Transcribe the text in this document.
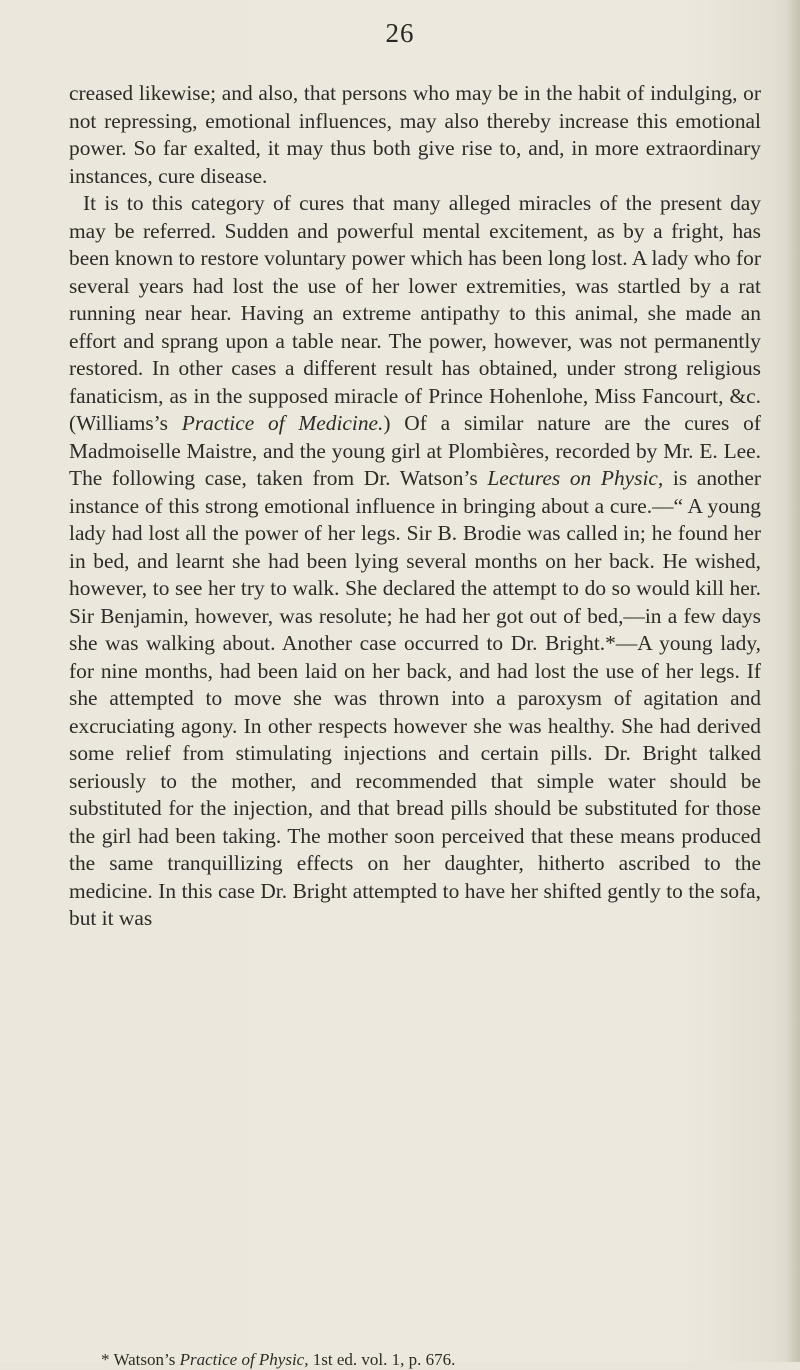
26

creased likewise; and also, that persons who may be in the habit of indulging, or not repressing, emotional influences, may also thereby increase this emotional power. So far exalted, it may thus both give rise to, and, in more extraordinary instances, cure disease.

It is to this category of cures that many alleged miracles of the present day may be referred. Sudden and powerful mental excitement, as by a fright, has been known to restore voluntary power which has been long lost. A lady who for several years had lost the use of her lower extremities, was startled by a rat running near hear. Having an extreme antipathy to this animal, she made an effort and sprang upon a table near. The power, however, was not permanently restored. In other cases a different result has obtained, under strong religious fanaticism, as in the supposed miracle of Prince Hohenlohe, Miss Fancourt, &c. (Williams’s Practice of Medicine.) Of a similar nature are the cures of Madmoiselle Maistre, and the young girl at Plombières, recorded by Mr. E. Lee. The following case, taken from Dr. Watson’s Lectures on Physic, is another instance of this strong emotional influence in bringing about a cure.—“ A young lady had lost all the power of her legs. Sir B. Brodie was called in; he found her in bed, and learnt she had been lying several months on her back. He wished, however, to see her try to walk. She declared the attempt to do so would kill her. Sir Benjamin, however, was resolute; he had her got out of bed,—in a few days she was walking about. Another case occurred to Dr. Bright.*—A young lady, for nine months, had been laid on her back, and had lost the use of her legs. If she attempted to move she was thrown into a paroxysm of agitation and excruciating agony. In other respects however she was healthy. She had derived some relief from stimulating injections and certain pills. Dr. Bright talked seriously to the mother, and recommended that simple water should be substituted for the injection, and that bread pills should be substituted for those the girl had been taking. The mother soon perceived that these means produced the same tranquillizing effects on her daughter, hitherto ascribed to the medicine. In this case Dr. Bright attempted to have her shifted gently to the sofa, but it was

* Watson’s Practice of Physic, 1st ed. vol. 1, p. 676.
